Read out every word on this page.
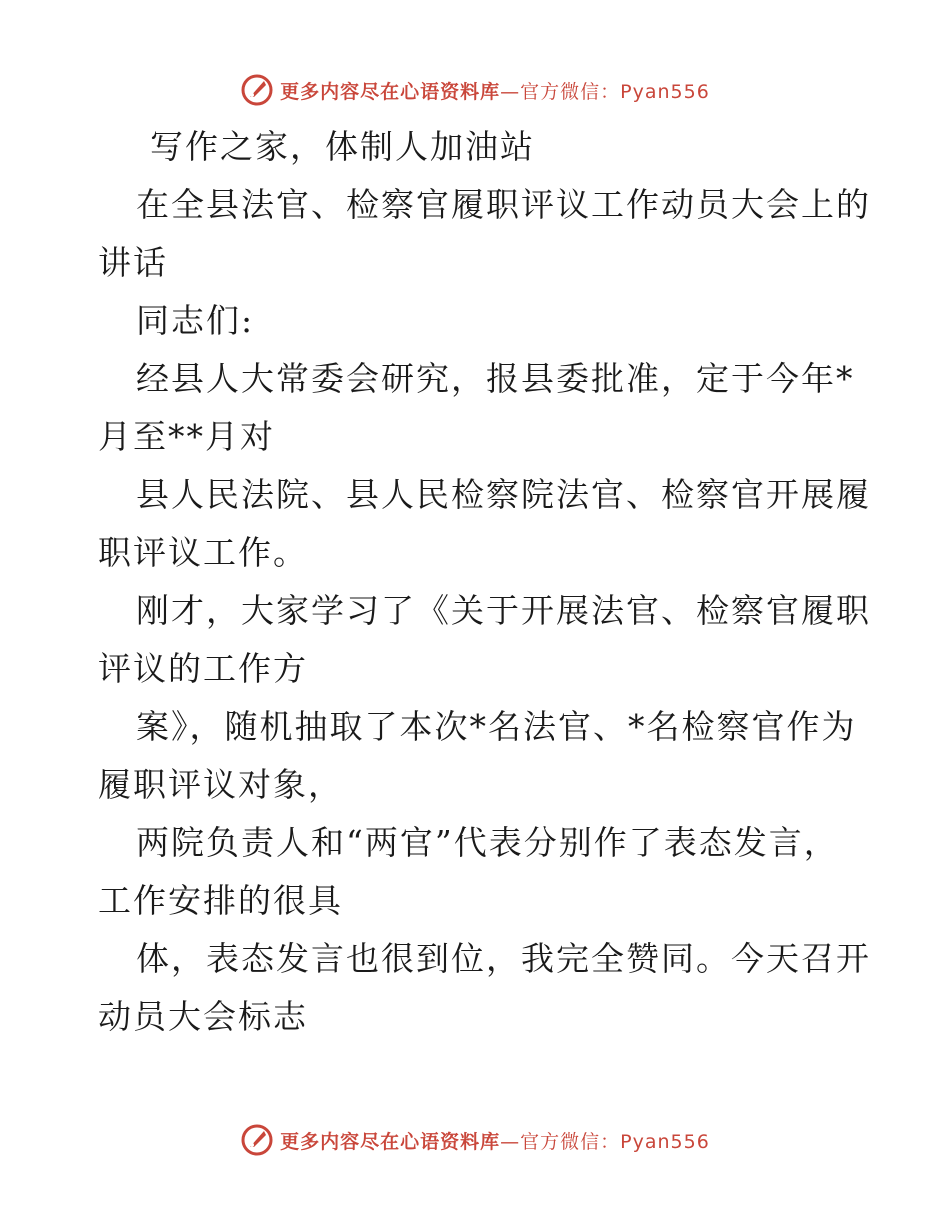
更多内容尽在心语资料库—官方微信：Pyan556
写作之家，体制人加油站
在全县法官、检察官履职评议工作动员大会上的
讲话
同志们:
经县人大常委会研究，报县委批准，定于今年*
月至**月对
县人民法院、县人民检察院法官、检察官开展履
职评议工作。
刚才，大家学习了《关于开展法官、检察官履职
评议的工作方
案》，随机抽取了本次*名法官、*名检察官作为
履职评议对象，
两院负责人和“两官”代表分别作了表态发言，
工作安排的很具
体，表态发言也很到位，我完全赞同。今天召开
动员大会标志
更多内容尽在心语资料库—官方微信：Pyan556
